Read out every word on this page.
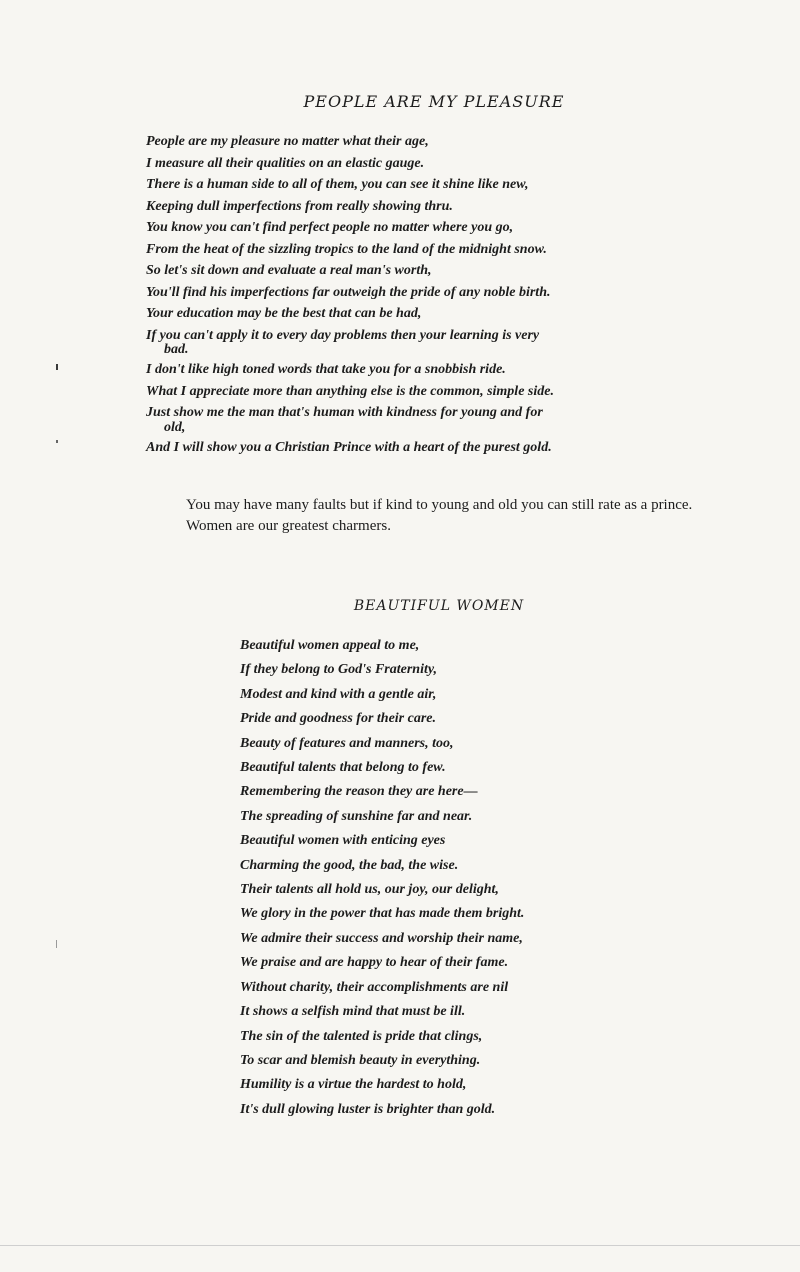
PEOPLE ARE MY PLEASURE
People are my pleasure no matter what their age,
I measure all their qualities on an elastic gauge.
There is a human side to all of them, you can see it shine like new,
Keeping dull imperfections from really showing thru.
You know you can't find perfect people no matter where you go,
From the heat of the sizzling tropics to the land of the midnight snow.
So let's sit down and evaluate a real man's worth,
You'll find his imperfections far outweigh the pride of any noble birth.
Your education may be the best that can be had,
If you can't apply it to every day problems then your learning is very
bad.
I don't like high toned words that take you for a snobbish ride.
What I appreciate more than anything else is the common, simple side.
Just show me the man that's human with kindness for young and for
old,
And I will show you a Christian Prince with a heart of the purest gold.

You may have many faults but if kind to young and old you can still rate as a prince.

Women are our greatest charmers.

BEAUTIFUL WOMEN
Beautiful women appeal to me,
If they belong to God's Fraternity,
Modest and kind with a gentle air,
Pride and goodness for their care.
Beauty of features and manners, too,
Beautiful talents that belong to few.
Remembering the reason they are here—
The spreading of sunshine far and near.
Beautiful women with enticing eyes
Charming the good, the bad, the wise.
Their talents all hold us, our joy, our delight,
We glory in the power that has made them bright.
We admire their success and worship their name,
We praise and are happy to hear of their fame.
Without charity, their accomplishments are nil
It shows a selfish mind that must be ill.
The sin of the talented is pride that clings,
To scar and blemish beauty in everything.
Humility is a virtue the hardest to hold,
It's dull glowing luster is brighter than gold.
